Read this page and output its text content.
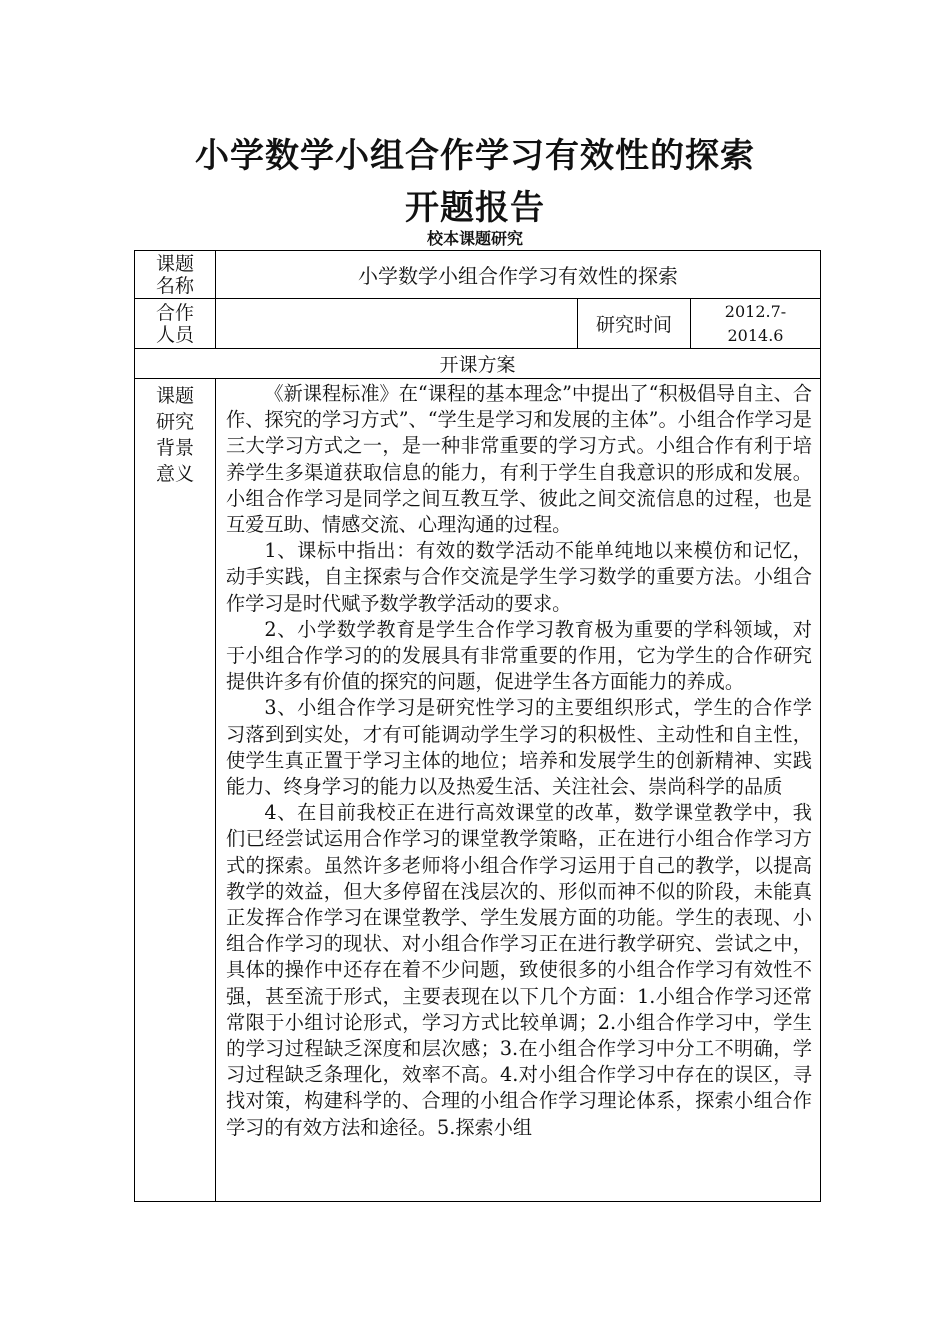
小学数学小组合作学习有效性的探索
开题报告
校本课题研究
课题名称	小学数学小组合作学习有效性的探索		

合作人员		研究时间	2012.7-
2014.6

开课方案			

课题研究背景意义	《新课程标准》在“课程的基本理念”中提出了“积极倡导自主、合作、探究的学习方式”、“学生是学习和发展的主体”。小组合作学习是三大学习方式之一，是一种非常重要的学习方式。小组合作有利于培养学生多渠道获取信息的能力，有利于学生自我意识的形成和发展。小组合作学习是同学之间互教互学、彼此之间交流信息的过程，也是互爱互助、情感交流、心理沟通的过程。

1、课标中指出：有效的数学活动不能单纯地以来模仿和记忆，动手实践，自主探索与合作交流是学生学习数学的重要方法。小组合作学习是时代赋予数学教学活动的要求。

2、小学数学教育是学生合作学习教育极为重要的学科领域，对于小组合作学习的的发展具有非常重要的作用，它为学生的合作研究提供许多有价值的探究的问题，促进学生各方面能力的养成。

3、小组合作学习是研究性学习的主要组织形式，学生的合作学习落到到实处，才有可能调动学生学习的积极性、主动性和自主性，使学生真正置于学习主体的地位；培养和发展学生的创新精神、实践能力、终身学习的能力以及热爱生活、关注社会、崇尚科学的品质

4、在目前我校正在进行高效课堂的改革，数学课堂教学中，我们已经尝试运用合作学习的课堂教学策略，正在进行小组合作学习方式的探索。虽然许多老师将小组合作学习运用于自己的教学，以提高教学的效益，但大多停留在浅层次的、形似而神不似的阶段，未能真正发挥合作学习在课堂教学、学生发展方面的功能。学生的表现、小组合作学习的现状、对小组合作学习正在进行教学研究、尝试之中，具体的操作中还存在着不少问题，致使很多的小组合作学习有效性不强，甚至流于形式，主要表现在以下几个方面：1.小组合作学习还常常限于小组讨论形式，学习方式比较单调；2.小组合作学习中，学生的学习过程缺乏深度和层次感；3.在小组合作学习中分工不明确，学习过程缺乏条理化，效率不高。4.对小组合作学习中存在的误区，寻找对策，构建科学的、合理的小组合作学习理论体系，探索小组合作学习的有效方法和途径。5.探索小组		
